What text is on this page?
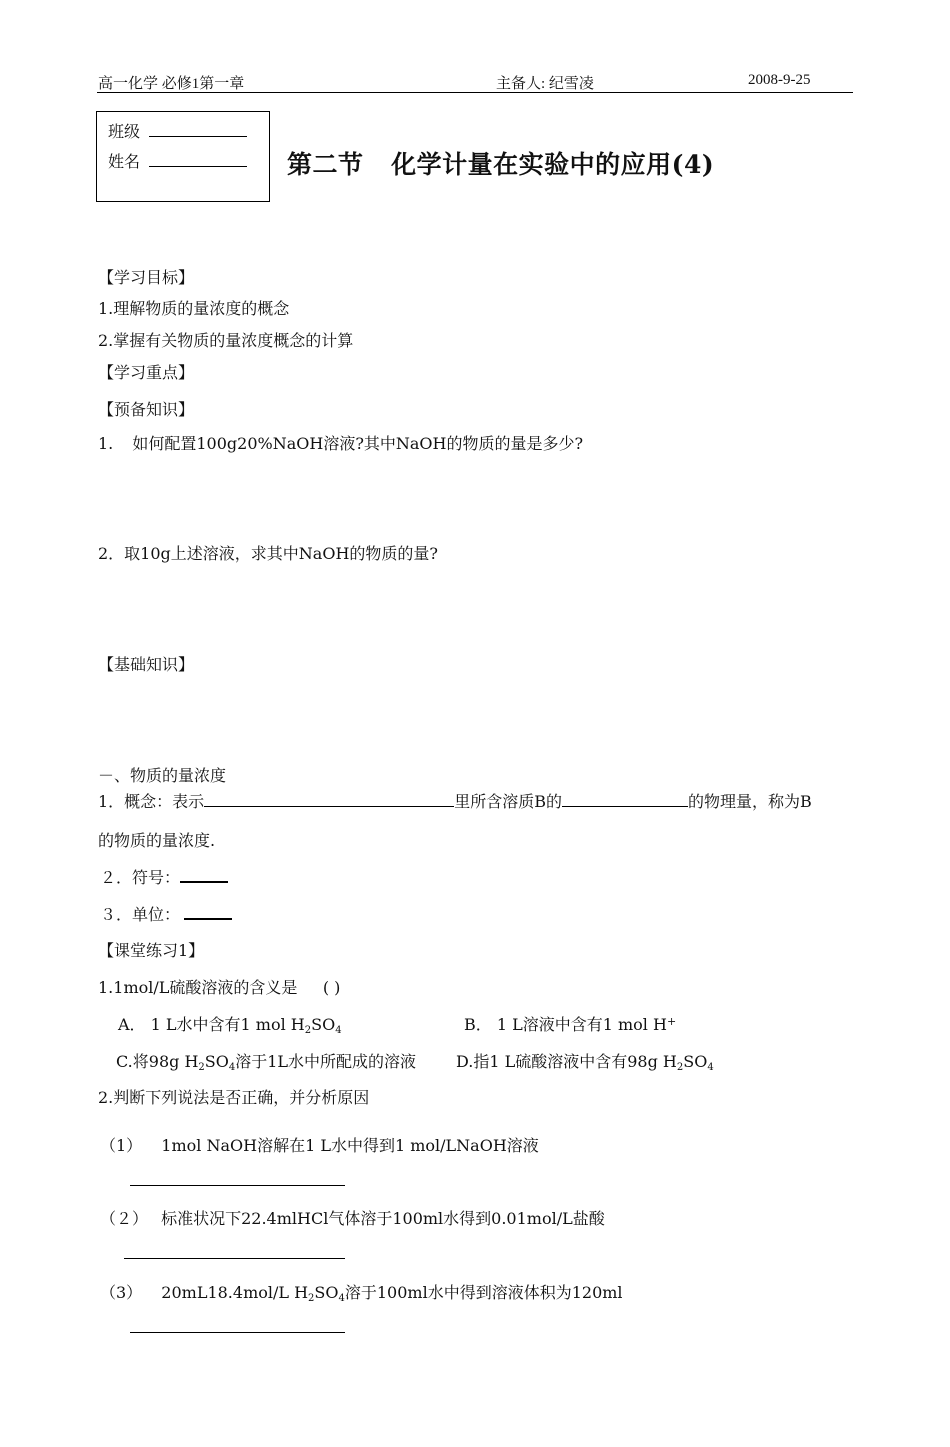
高一化学 必修1第一章	主备人: 纪雪凌	2008-9-25
班级
姓名	第二节   化学计量在实验中的应用(4)
【学习目标】
1.理解物质的量浓度的概念
2.掌握有关物质的量浓度概念的计算
【学习重点】
【预备知识】
1. 如何配置100g20%NaOH溶液?其中NaOH的物质的量是多少?
2．取10g上述溶液，求其中NaOH的物质的量?
【基础知识】
－、物质的量浓度
1．概念：表示	里所含溶质B的	的物理量，称为B
的物质的量浓度.
２．符号：
３．单位：
【课堂练习1】
1.1mol/L硫酸溶液的含义是     ( )
A． 1 L水中含有1 mol $H_2SO_4$	B． 1 L溶液中含有1 mol H+
C.将98g $H_2SO_4$溶于1L水中所配成的溶液 D.指1 L硫酸溶液中含有98g $H_2SO_4$
2.判断下列说法是否正确，并分析原因
（1） 1mol NaOH溶解在1 L水中得到1 mol/LNaOH溶液
（２） 标准状况下22.4mlHCl气体溶于100ml水得到0.01mol/L盐酸
（3） 20mL18.4mol/L $H_2SO_4$溶于100ml水中得到溶液体积为120ml
